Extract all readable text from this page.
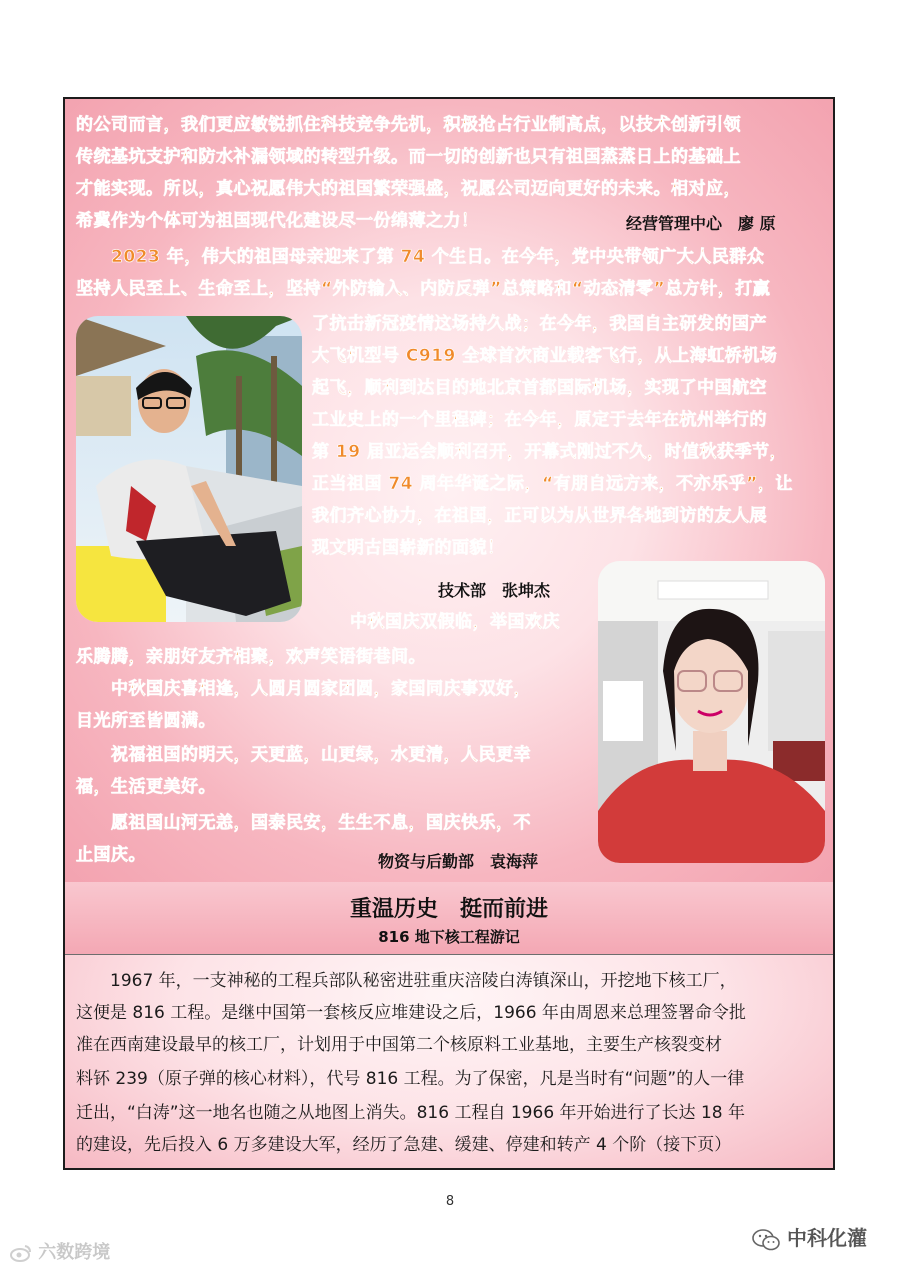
的公司而言，我们更应敏锐抓住科技竞争先机，积极抢占行业制高点，以技术创新引领
传统基坑支护和防水补漏领域的转型升级。而一切的创新也只有祖国蒸蒸日上的基础上
才能实现。所以，真心祝愿伟大的祖国繁荣强盛，祝愿公司迈向更好的未来。相对应，
希冀作为个体可为祖国现代化建设尽一份绵薄之力！	经营管理中心　廖 原
　　2023 年，伟大的祖国母亲迎来了第 74 个生日。在今年，党中央带领广大人民群众
坚持人民至上、生命至上，坚持“外防输入、内防反弹”总策略和“动态清零”总方针，打赢
了抗击新冠疫情这场持久战；在今年，我国自主研发的国产
大飞机型号 C919 全球首次商业载客飞行，从上海虹桥机场
起飞，顺利到达目的地北京首都国际机场，实现了中国航空
工业史上的一个里程碑；在今年，原定于去年在杭州举行的
第 19 届亚运会顺利召开，开幕式刚过不久，时值秋获季节，
正当祖国 74 周年华诞之际，“有朋自远方来，不亦乐乎”，让
我们齐心协力，在祖国，正可以为从世界各地到访的友人展
现文明古国崭新的面貌！
技术部　张坤杰
中秋国庆双假临，举国欢庆
乐腾腾，亲朋好友齐相聚，欢声笑语街巷间。
　　中秋国庆喜相逢，人圆月圆家团圆，家国同庆事双好，
目光所至皆圆满。
　　祝福祖国的明天，天更蓝，山更绿，水更清，人民更幸
福，生活更美好。
　　愿祖国山河无恙，国泰民安，生生不息，国庆快乐，不
止国庆。	物资与后勤部　袁海萍
重温历史　挺而前进
816 地下核工程游记
　　1967 年，一支神秘的工程兵部队秘密进驻重庆涪陵白涛镇深山，开挖地下核工厂，
这便是 816 工程。是继中国第一套核反应堆建设之后，1966 年由周恩来总理签署命令批
准在西南建设最早的核工厂，计划用于中国第二个核原料工业基地，主要生产核裂变材
料钚 239（原子弹的核心材料），代号 816 工程。为了保密，凡是当时有“问题”的人一律
迁出，“白涛”这一地名也随之从地图上消失。816 工程自 1966 年开始进行了长达 18 年
的建设，先后投入 6 万多建设大军，经历了急建、缓建、停建和转产 4 个阶（接下页）
8
六数跨境
中科化灌
